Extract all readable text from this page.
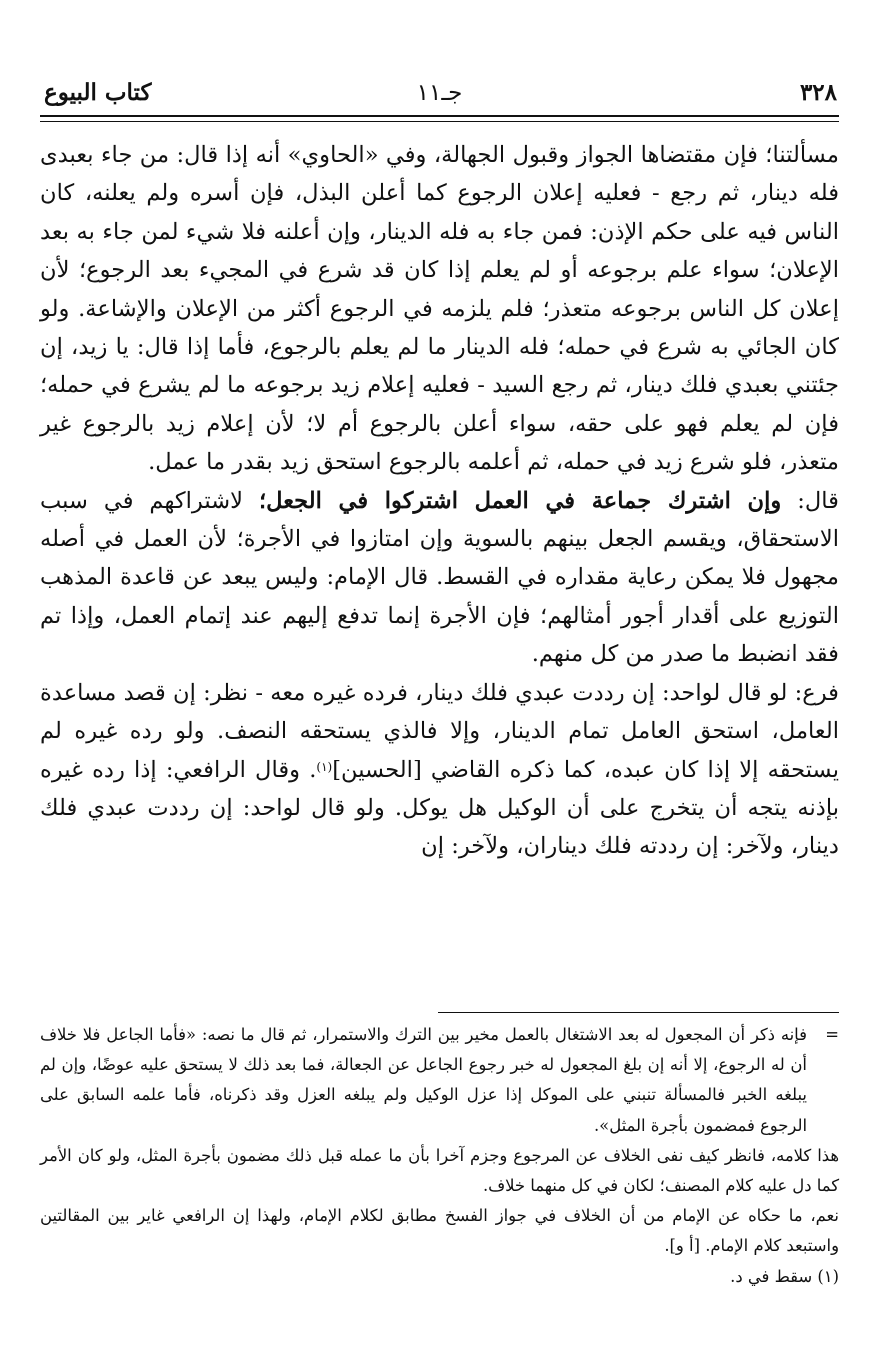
٣٢٨
جـ١١
كتاب البيوع

مسألتنا؛ فإن مقتضاها الجواز وقبول الجهالة، وفي «الحاوي» أنه إذا قال: من جاء بعبدى فله دينار، ثم رجع - فعليه إعلان الرجوع كما أعلن البذل، فإن أسره ولم يعلنه، كان الناس فيه على حكم الإذن: فمن جاء به فله الدينار، وإن أعلنه فلا شيء لمن جاء به بعد الإعلان؛ سواء علم برجوعه أو لم يعلم إذا كان قد شرع في المجيء بعد الرجوع؛ لأن إعلان كل الناس برجوعه متعذر؛ فلم يلزمه في الرجوع أكثر من الإعلان والإشاعة. ولو كان الجائي به شرع في حمله؛ فله الدينار ما لم يعلم بالرجوع، فأما إذا قال: يا زيد، إن جئتني بعبدي فلك دينار، ثم رجع السيد - فعليه إعلام زيد برجوعه ما لم يشرع في حمله؛ فإن لم يعلم فهو على حقه، سواء أعلن بالرجوع أم لا؛ لأن إعلام زيد بالرجوع غير متعذر، فلو شرع زيد في حمله، ثم أعلمه بالرجوع استحق زيد بقدر ما عمل.

قال: وإن اشترك جماعة في العمل اشتركوا في الجعل؛ لاشتراكهم في سبب الاستحقاق، ويقسم الجعل بينهم بالسوية وإن امتازوا في الأجرة؛ لأن العمل في أصله مجهول فلا يمكن رعاية مقداره في القسط. قال الإمام: وليس يبعد عن قاعدة المذهب التوزيع على أقدار أجور أمثالهم؛ فإن الأجرة إنما تدفع إليهم عند إتمام العمل، وإذا تم فقد انضبط ما صدر من كل منهم.

فرع: لو قال لواحد: إن رددت عبدي فلك دينار، فرده غيره معه - نظر: إن قصد مساعدة العامل، استحق العامل تمام الدينار، وإلا فالذي يستحقه النصف. ولو رده غيره لم يستحقه إلا إذا كان عبده، كما ذكره القاضي [الحسين]$^{(١)}$. وقال الرافعي: إذا رده غيره بإذنه يتجه أن يتخرج على أن الوكيل هل يوكل. ولو قال لواحد: إن رددت عبدي فلك دينار، ولآخر: إن رددته فلك ديناران، ولآخر: إن

=
فإنه ذكر أن المجعول له بعد الاشتغال بالعمل مخير بين الترك والاستمرار، ثم قال ما نصه: «فأما الجاعل فلا خلاف أن له الرجوع، إلا أنه إن بلغ المجعول له خبر رجوع الجاعل عن الجعالة، فما بعد ذلك لا يستحق عليه عوضًا، وإن لم يبلغه الخبر فالمسألة تنبني على الموكل إذا عزل الوكيل ولم يبلغه العزل وقد ذكرناه، فأما علمه السابق على الرجوع فمضمون بأجرة المثل».

هذا كلامه، فانظر كيف نفى الخلاف عن المرجوع وجزم آخرا بأن ما عمله قبل ذلك مضمون بأجرة المثل، ولو كان الأمر كما دل عليه كلام المصنف؛ لكان في كل منهما خلاف.

نعم، ما حكاه عن الإمام من أن الخلاف في جواز الفسخ مطابق لكلام الإمام، ولهذا إن الرافعي غاير بين المقالتين واستبعد كلام الإمام. [أ و].

(١) سقط في د.
